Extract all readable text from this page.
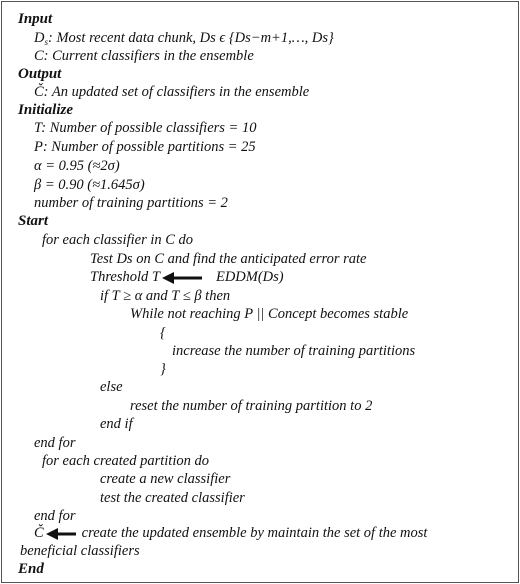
Input
$D_s$: Most recent data chunk, Ds ϵ {Ds−m+1,…, Ds}
C: Current classifiers in the ensemble
Output
Č: An updated set of classifiers in the ensemble
Initialize
T: Number of possible classifiers = 10
P: Number of possible partitions = 25
α = 0.95 (≈2σ)
β = 0.90 (≈1.645σ)
number of training partitions = 2
Start
for each classifier in C do
Test Ds on C and find the anticipated error rate
Threshold T	EDDM(Ds)
if T ≥ α and T ≤ β then
While not reaching P || Concept becomes stable
{
increase the number of training partitions
}
else
reset the number of training partition to 2
end if
end for
for each created partition do
create a new classifier
test the created classifier
end for
Č	create the updated ensemble by maintain the set of the most
beneficial classifiers
End
